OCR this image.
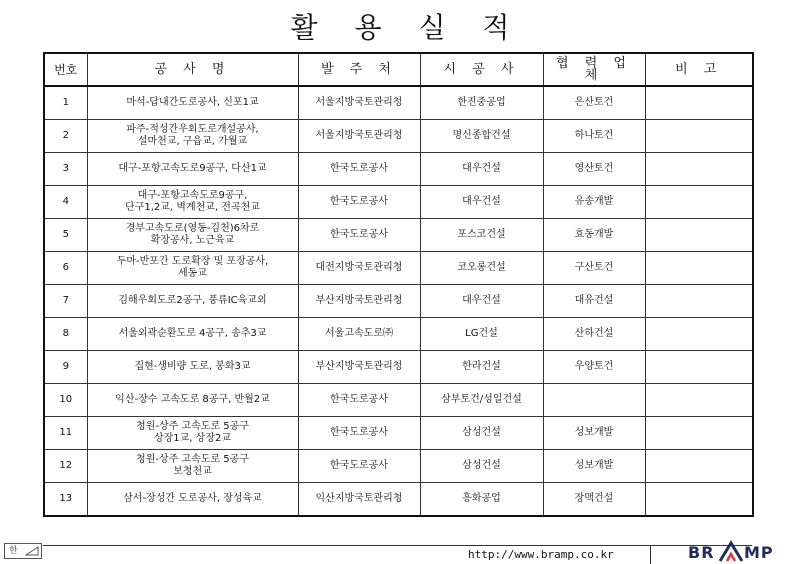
활 용 실 적
번호	공 사 명	발 주 처	시 공 사	협 력 업 체	비 고
1	마석-답내간도로공사, 신포1교	서울지방국토관리청	한진중공업	은산토건	
2	파주-적성간우회도로개설공사,
설마천교, 구읍교, 가월교	서울지방국토관리청	명신종합건설	하나토건	
3	대구-포항고속도로9공구, 다산1교	한국도로공사	대우건설	영산토건	
4	대구-포항고속도로9공구,
단구1,2교, 벽계천교, 전곡천교	한국도로공사	대우건설	유송개발	
5	경부고속도로(영동-김천)6차로
확장공사, 노근육교	한국도로공사	포스코건설	효동개발	
6	두마-반포간 도로확장 및 포장공사,
세동교	대전지방국토관리청	코오롱건설	구산토건	
7	김해우회도로2공구, 풍류IC육교외	부산지방국토관리청	대우건설	대유건설	
8	서울외곽순환도로 4공구, 송추3교	서울고속도로㈜	LG건설	산하건설	
9	집현-생비량 도로, 봉화3교	부산지방국토관리청	한라건설	우양토건	
10	익산-장수 고속도로 8공구, 반월2교	한국도로공사	삼부토건/성일건설		
11	청원-상주 고속도로 5공구
상장1교, 상장2교	한국도로공사	삼성건설	성보개발	
12	청원-상주 고속도로 5공구
보청천교	한국도로공사	삼성건설	성보개발	
13	삼서-장성간 도로공사, 장성육교	익산지방국토관리청	흥화공업	장맥건설	
한	http://www.bramp.co.kr	BR MP
